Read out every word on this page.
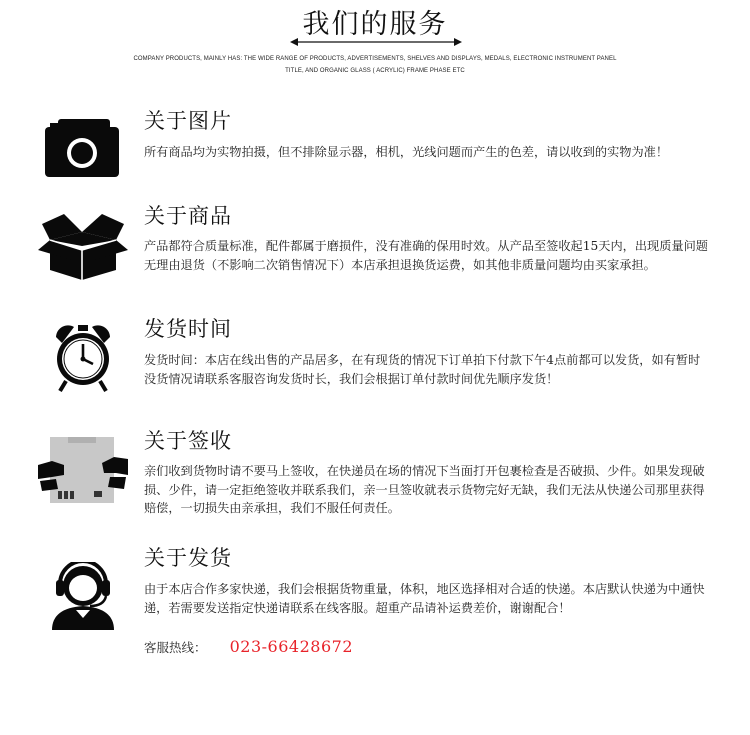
我们的服务
COMPANY PRODUCTS, MAINLY HAS: THE WIDE RANGE OF PRODUCTS, ADVERTISEMENTS, SHELVES AND DISPLAYS, MEDALS, ELECTRONIC INSTRUMENT PANEL TITLE, AND ORGANIC GLASS ( ACRYLIC) FRAME PHASE ETC
关于图片
所有商品均为实物拍摄，但不排除显示器，相机，光线问题而产生的色差，请以收到的实物为准！
关于商品
产品都符合质量标准，配件都属于磨损件，没有准确的保用时效。从产品至签收起15天内，出现质量问题无理由退货（不影响二次销售情况下）本店承担退换货运费，如其他非质量问题均由买家承担。
发货时间
发货时间：本店在线出售的产品居多，在有现货的情况下订单拍下付款下午4点前都可以发货，如有暂时没货情况请联系客服咨询发货时长，我们会根据订单付款时间优先顺序发货！
关于签收
亲们收到货物时请不要马上签收，在快递员在场的情况下当面打开包裹检查是否破损、少件。如果发现破损、少件，请一定拒绝签收并联系我们，亲一旦签收就表示货物完好无缺，我们无法从快递公司那里获得赔偿，一切损失由亲承担，我们不服任何责任。
关于发货
由于本店合作多家快递，我们会根据货物重量，体积，地区选择相对合适的快递。本店默认快递为中通快递，若需要发送指定快递请联系在线客服。超重产品请补运费差价，谢谢配合！
客服热线： 023-66428672
